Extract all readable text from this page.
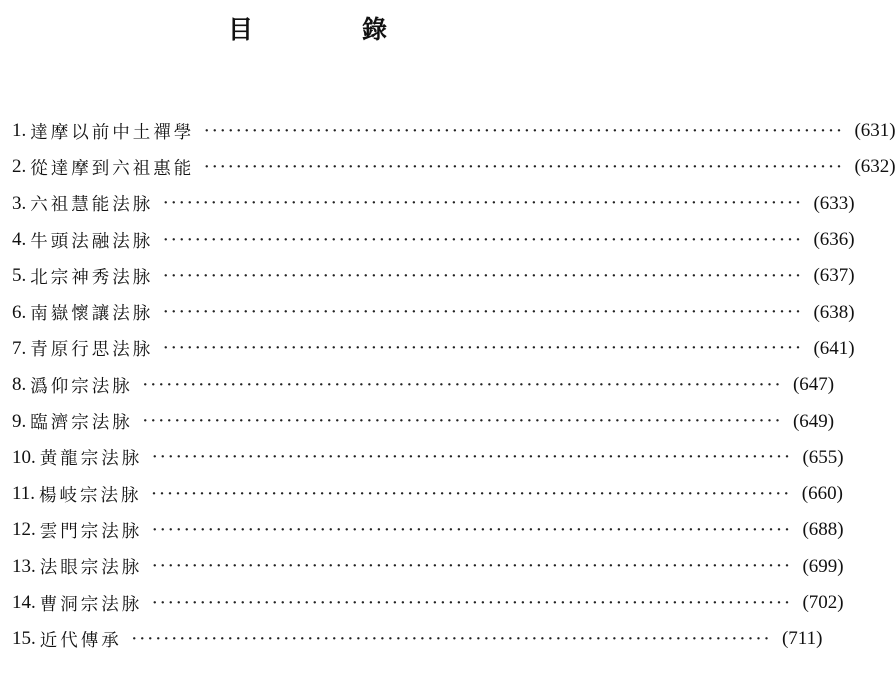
目　錄
1. 達摩以前中土禪學 ················································································ (631)
2. 從達摩到六祖惠能 ················································································ (632)
3. 六祖慧能法脉 ················································································ (633)
4. 牛頭法融法脉 ················································································ (636)
5. 北宗神秀法脉 ················································································ (637)
6. 南嶽懷讓法脉 ················································································ (638)
7. 青原行思法脉 ················································································ (641)
8. 潙仰宗法脉 ················································································ (647)
9. 臨濟宗法脉 ················································································ (649)
10. 黄龍宗法脉 ················································································ (655)
11. 楊岐宗法脉 ················································································ (660)
12. 雲門宗法脉 ················································································ (688)
13. 法眼宗法脉 ················································································ (699)
14. 曹洞宗法脉 ················································································ (702)
15. 近代傳承 ················································································ (711)
